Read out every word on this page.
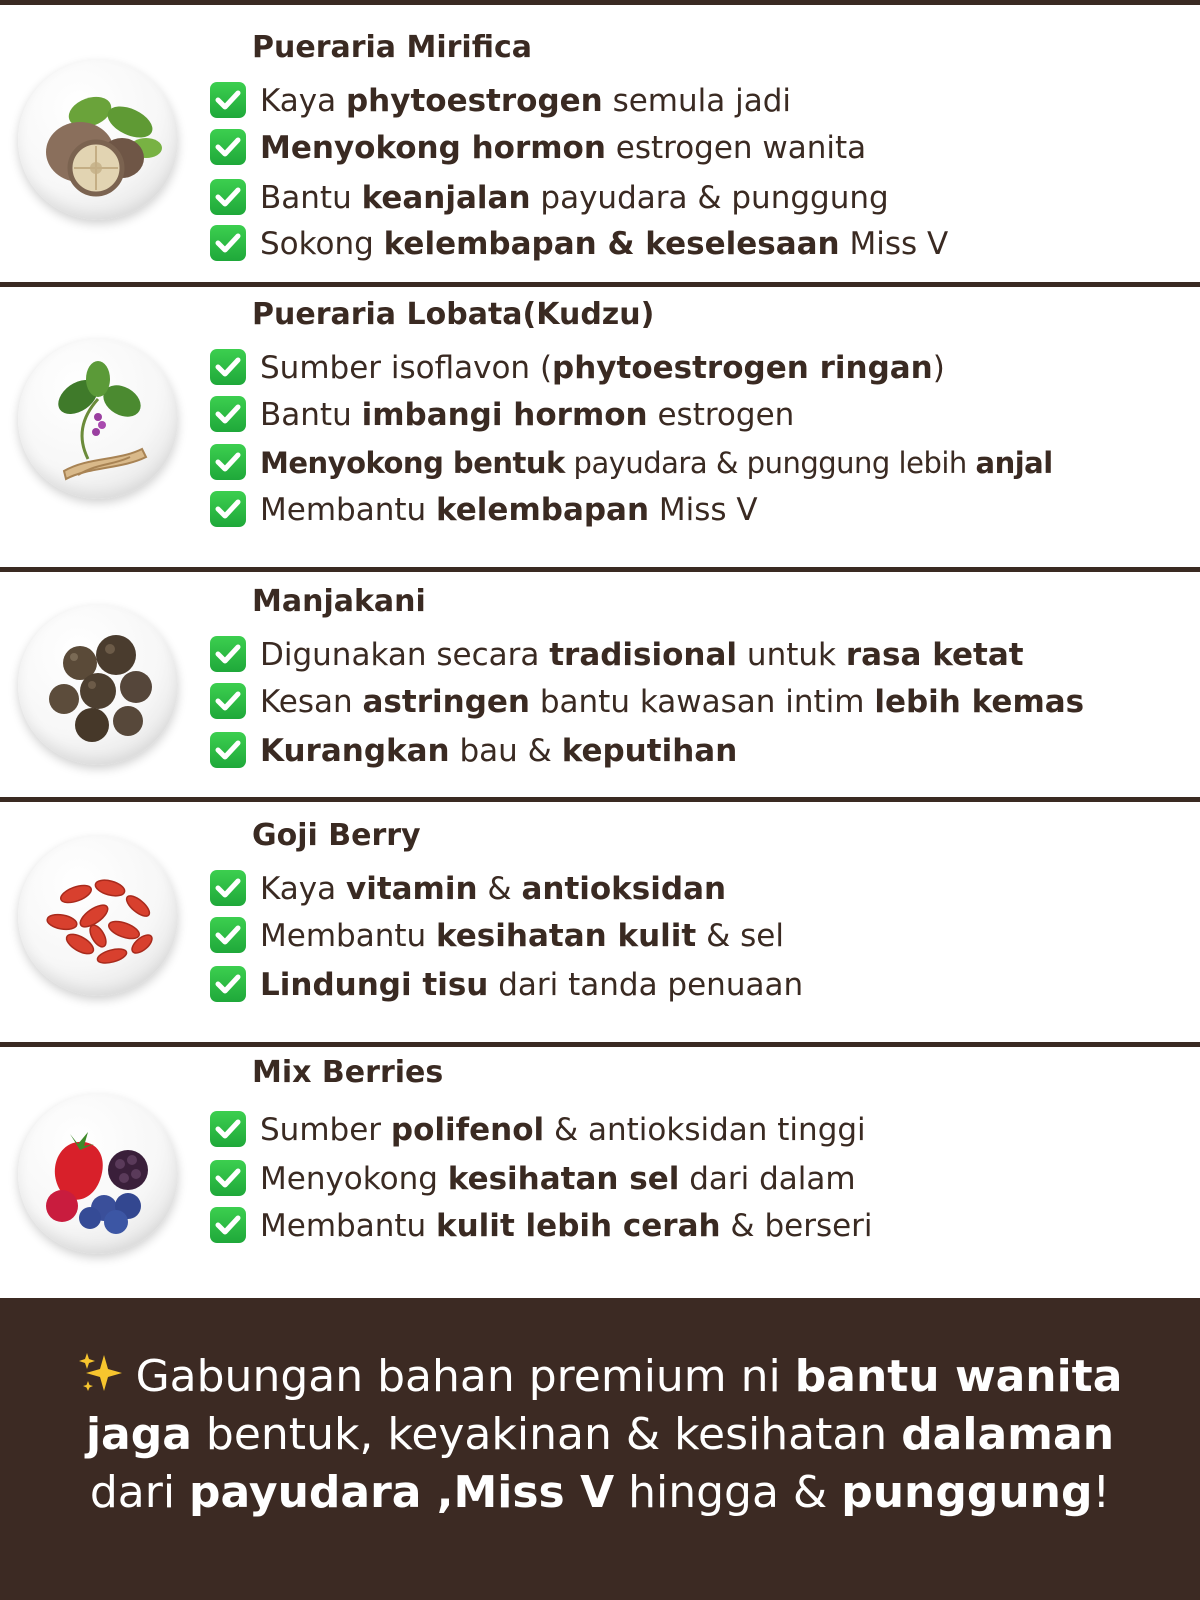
Pueraria Mirifica
Kaya phytoestrogen semula jadi
Menyokong hormon estrogen wanita
Bantu keanjalan payudara & punggung
Sokong kelembapan & keselesaan Miss V
Pueraria Lobata(Kudzu)
Sumber isoflavon (phytoestrogen ringan)
Bantu imbangi hormon estrogen
Menyokong bentuk payudara & punggung lebih anjal
Membantu kelembapan Miss V
Manjakani
Digunakan secara tradisional untuk rasa ketat
Kesan astringen bantu kawasan intim lebih kemas
Kurangkan bau & keputihan
Goji Berry
Kaya vitamin & antioksidan
Membantu kesihatan kulit & sel
Lindungi tisu dari tanda penuaan
Mix Berries
Sumber polifenol & antioksidan tinggi
Menyokong kesihatan sel dari dalam
Membantu kulit lebih cerah & berseri

Gabungan bahan premium ni bantu wanita

jaga bentuk, keyakinan & kesihatan dalaman

dari payudara ,Miss V hingga & punggung!
